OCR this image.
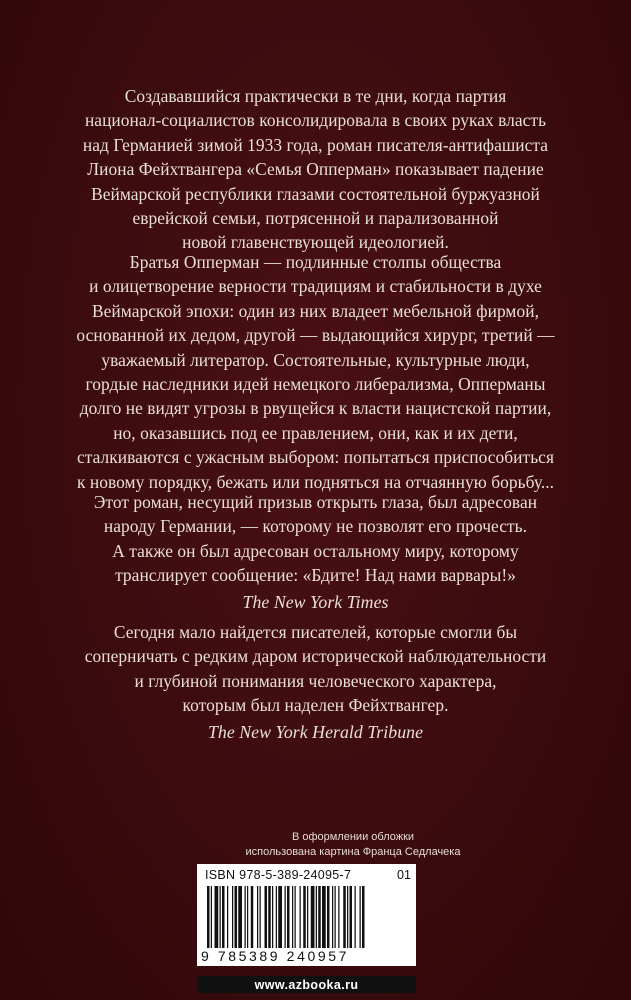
Создававшийся практически в те дни, когда партия

национал-социалистов консолидировала в своих руках власть

над Германией зимой 1933 года, роман писателя-антифашиста

Лиона Фейхтвангера «Семья Опперман» показывает падение

Веймарской республики глазами состоятельной буржуазной

еврейской семьи, потрясенной и парализованной

новой главенствующей идеологией.

Братья Опперман — подлинные столпы общества

и олицетворение верности традициям и стабильности в духе

Веймарской эпохи: один из них владеет мебельной фирмой,

основанной их дедом, другой — выдающийся хирург, третий —

уважаемый литератор. Состоятельные, культурные люди,

гордые наследники идей немецкого либерализма, Опперманы

долго не видят угрозы в рвущейся к власти нацистской партии,

но, оказавшись под ее правлением, они, как и их дети,

сталкиваются с ужасным выбором: попытаться приспособиться

к новому порядку, бежать или подняться на отчаянную борьбу...

Этот роман, несущий призыв открыть глаза, был адресован

народу Германии, — которому не позволят его прочесть.

А также он был адресован остальному миру, которому

транслирует сообщение: «Бдите! Над нами варвары!»

The New York Times

Сегодня мало найдется писателей, которые смогли бы

соперничать с редким даром исторической наблюдательности

и глубиной понимания человеческого характера,

которым был наделен Фейхтвангер.

The New York Herald Tribune

В оформлении обложки

использована картина Франца Седлачека

ISBN 978-5-389-24095-7	01
9 785389 240957
www.azbooka.ru
